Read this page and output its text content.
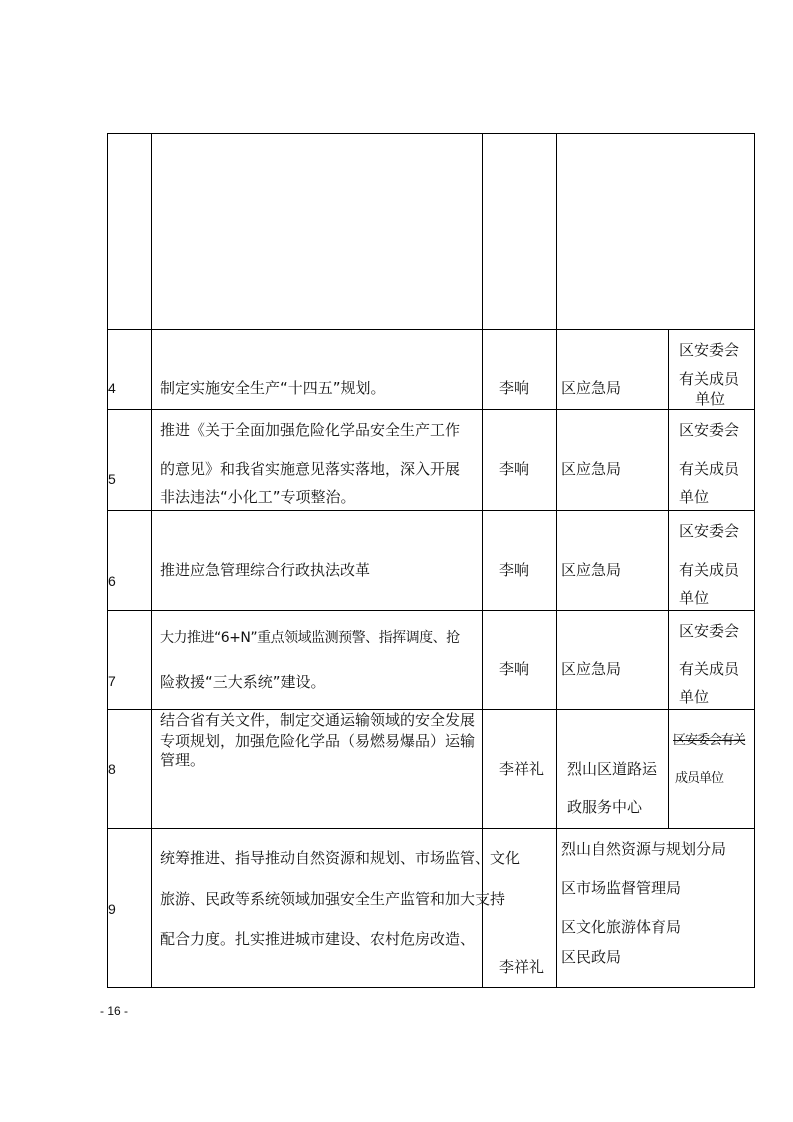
4	制定实施安全生产“十四五”规划。	李响	区应急局	区安委会
有关成员
单位

5	推进《关于全面加强危险化学品安全生产工作
的意见》和我省实施意见落实落地，深入开展
非法违法“小化工”专项整治。	李响	区应急局	区安委会
有关成员
单位

6	推进应急管理综合行政执法改革	李响	区应急局	区安委会
有关成员
单位

7	大力推进“6+N”重点领域监测预警、指挥调度、抢
险救援“三大系统”建设。	李响	区应急局	区安委会
有关成员
单位

8	结合省有关文件，制定交通运输领域的安全发展
专项规划，加强危险化学品（易燃易爆品）运输
管理。	李祥礼	烈山区道路运
政服务中心	区安委会有关
成员单位

9	统筹推进、指导推动自然资源和规划、市场监管、文化
旅游、民政等系统领域加强安全生产监管和加大支持
配合力度。扎实推进城市建设、农村危房改造、	李祥礼	烈山自然资源与规划分局
区市场监督管理局
区文化旅游体育局
区民政局	
- 16 -
